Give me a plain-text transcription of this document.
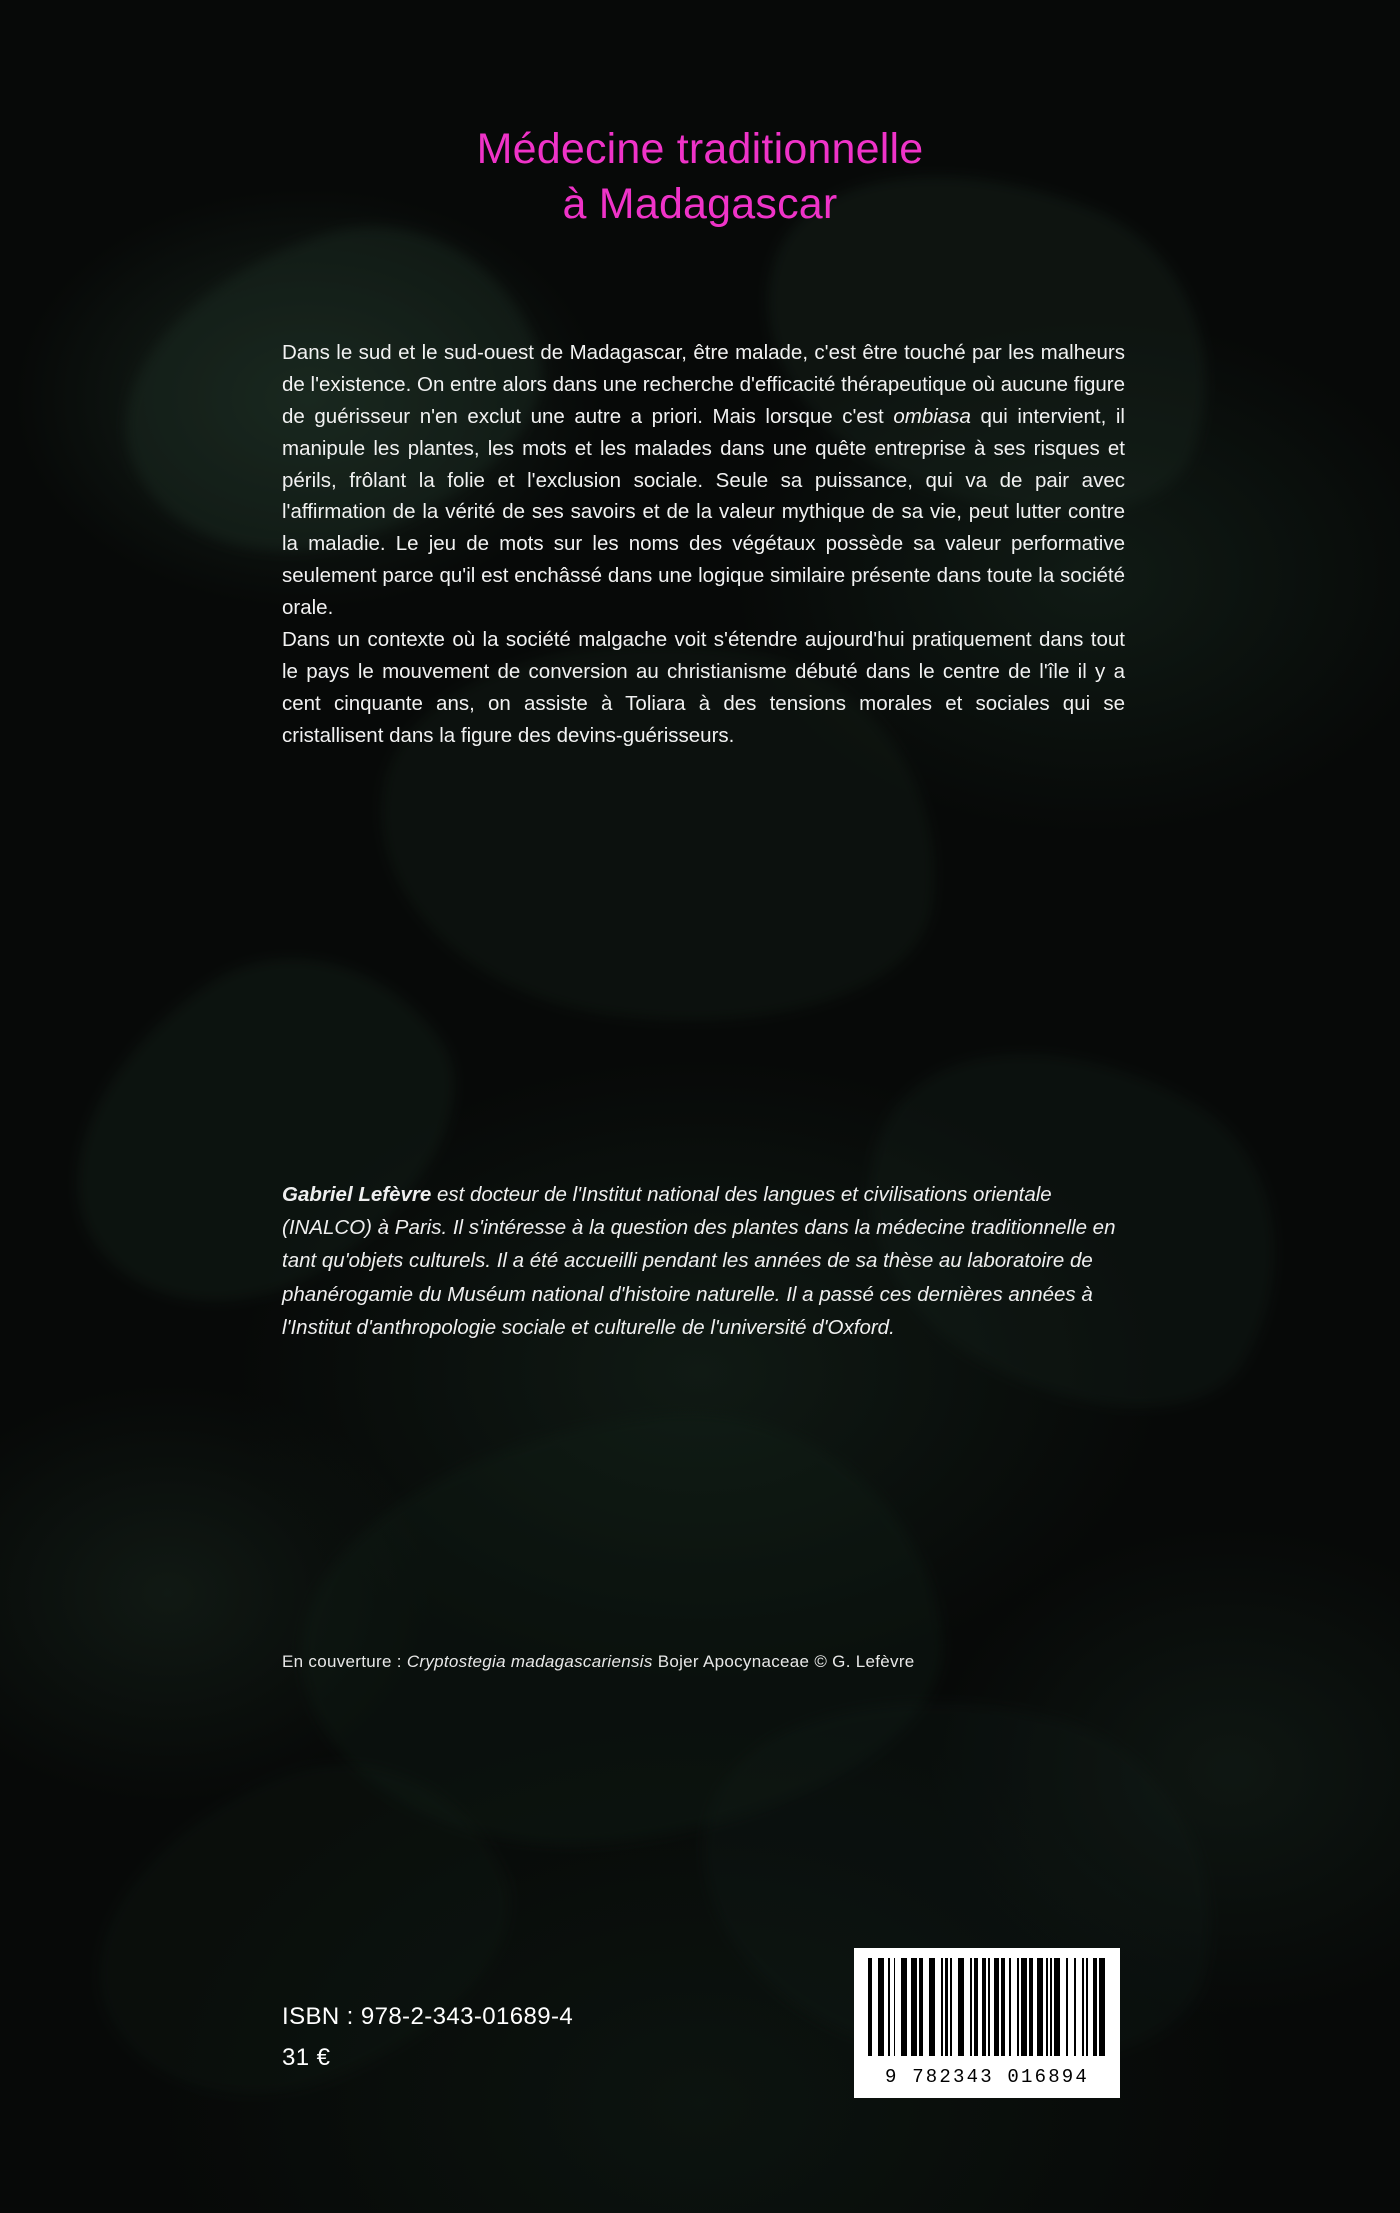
Médecine traditionnelle
à Madagascar

Dans le sud et le sud-ouest de Madagascar, être malade, c'est être touché par les malheurs de l'existence. On entre alors dans une recherche d'efficacité thérapeutique où aucune figure de guérisseur n'en exclut une autre a priori. Mais lorsque c'est ombiasa qui intervient, il manipule les plantes, les mots et les malades dans une quête entreprise à ses risques et périls, frôlant la folie et l'exclusion sociale. Seule sa puissance, qui va de pair avec l'affirmation de la vérité de ses savoirs et de la valeur mythique de sa vie, peut lutter contre la maladie. Le jeu de mots sur les noms des végétaux possède sa valeur performative seulement parce qu'il est enchâssé dans une logique similaire présente dans toute la société orale.

Dans un contexte où la société malgache voit s'étendre aujourd'hui pratiquement dans tout le pays le mouvement de conversion au christianisme débuté dans le centre de l'île il y a cent cinquante ans, on assiste à Toliara à des tensions morales et sociales qui se cristallisent dans la figure des devins-guérisseurs.

Gabriel Lefèvre est docteur de l'Institut national des langues et civilisations orientale (INALCO) à Paris. Il s'intéresse à la question des plantes dans la médecine traditionnelle en tant qu'objets culturels. Il a été accueilli pendant les années de sa thèse au laboratoire de phanérogamie du Muséum national d'histoire naturelle. Il a passé ces dernières années à l'Institut d'anthropologie sociale et culturelle de l'université d'Oxford.
En couverture : Cryptostegia madagascariensis Bojer Apocynaceae © G. Lefèvre
ISBN : 978-2-343-01689-4
31 €
9 782343 016894
